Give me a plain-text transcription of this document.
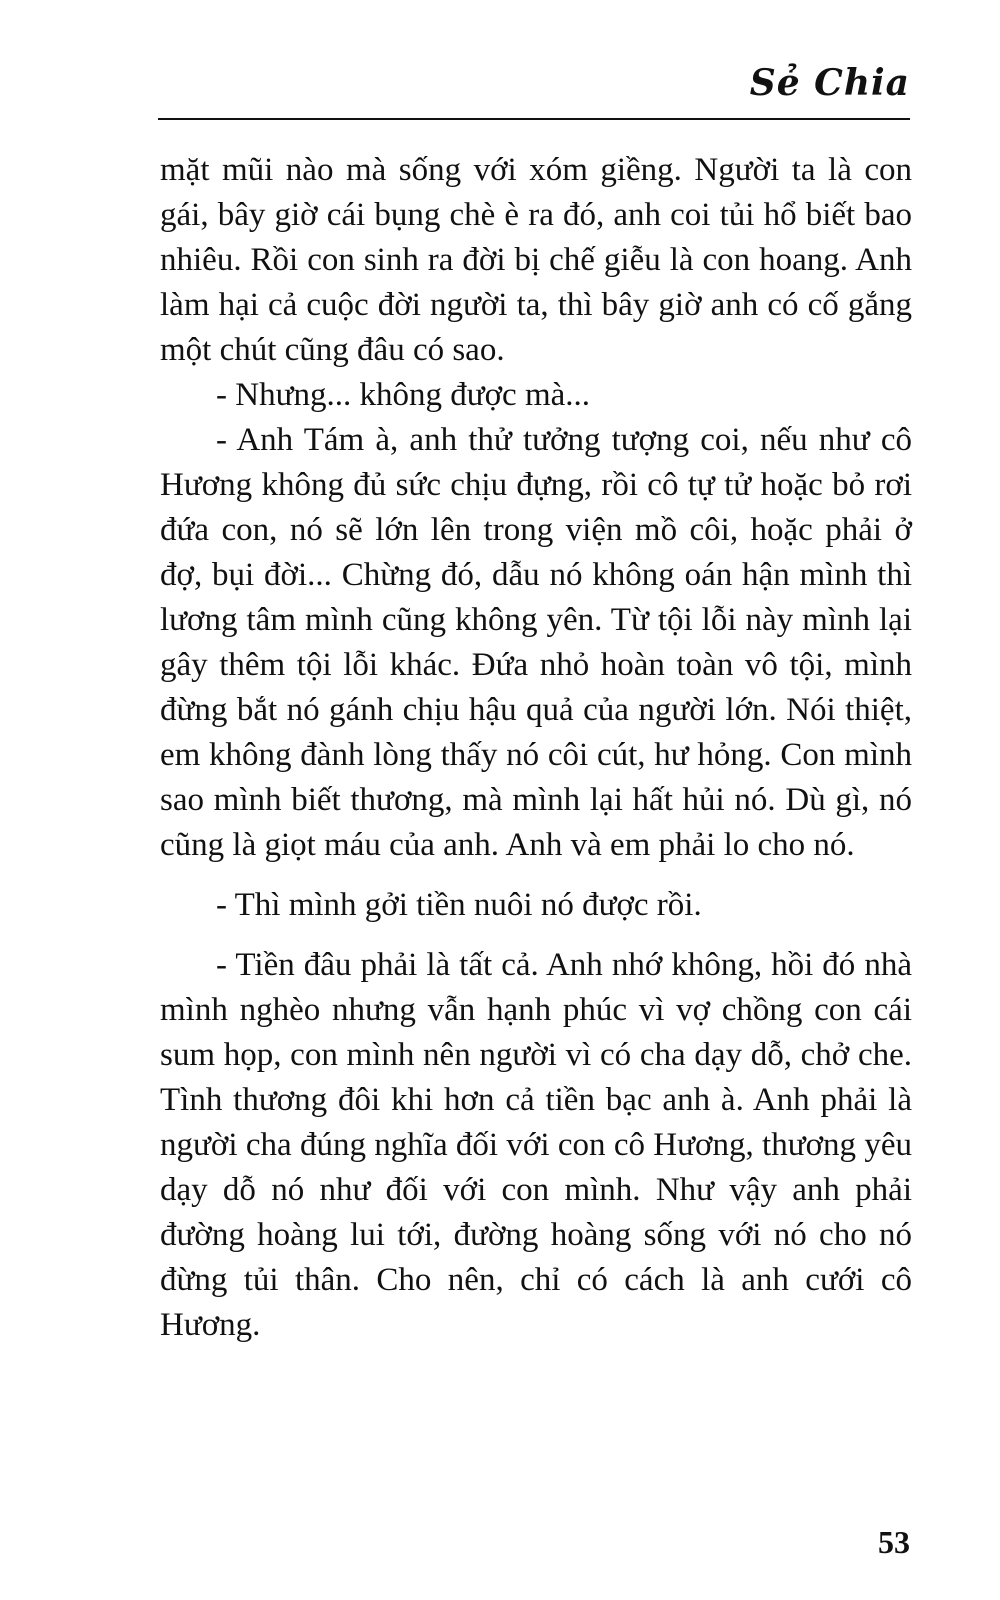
Sẻ Chia

mặt mũi nào mà sống với xóm giềng. Người ta là con gái, bây giờ cái bụng chè è ra đó, anh coi tủi hổ biết bao nhiêu. Rồi con sinh ra đời bị chế giễu là con hoang. Anh làm hại cả cuộc đời người ta, thì bây giờ anh có cố gắng một chút cũng đâu có sao.

- Nhưng... không được mà...

- Anh Tám à, anh thử tưởng tượng coi, nếu như cô Hương không đủ sức chịu đựng, rồi cô tự tử hoặc bỏ rơi đứa con, nó sẽ lớn lên trong viện mồ côi, hoặc phải ở đợ, bụi đời... Chừng đó, dẫu nó không oán hận mình thì lương tâm mình cũng không yên. Từ tội lỗi này mình lại gây thêm tội lỗi khác. Đứa nhỏ hoàn toàn vô tội, mình đừng bắt nó gánh chịu hậu quả của người lớn. Nói thiệt, em không đành lòng thấy nó côi cút, hư hỏng. Con mình sao mình biết thương, mà mình lại hất hủi nó. Dù gì, nó cũng là giọt máu của anh. Anh và em phải lo cho nó.

- Thì mình gởi tiền nuôi nó được rồi.

- Tiền đâu phải là tất cả. Anh nhớ không, hồi đó nhà mình nghèo nhưng vẫn hạnh phúc vì vợ chồng con cái sum họp, con mình nên người vì có cha dạy dỗ, chở che. Tình thương đôi khi hơn cả tiền bạc anh à. Anh phải là người cha đúng nghĩa đối với con cô Hương, thương yêu dạy dỗ nó như đối với con mình. Như vậy anh phải đường hoàng lui tới, đường hoàng sống với nó cho nó đừng tủi thân. Cho nên, chỉ có cách là anh cưới cô Hương.

53
